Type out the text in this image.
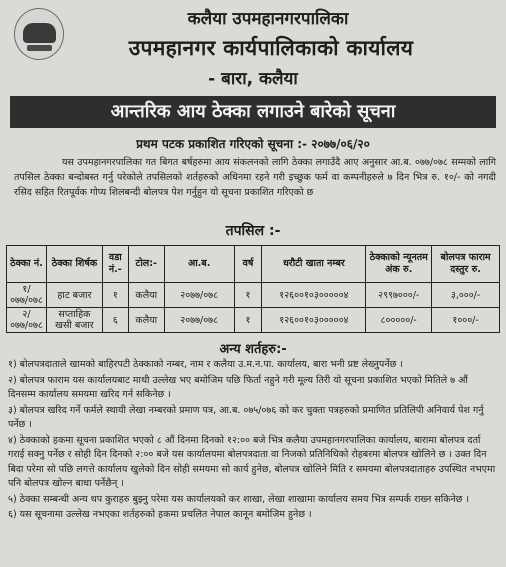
कलैया उपमहानगरपालिका
उपमहानगर कार्यपालिकाको कार्यालय
- बारा, कलैया
आन्तरिक आय ठेक्का लगाउने बारेको सूचना
प्रथम पटक प्रकाशित गरिएको सूचना :- २०७७/०६/२०
यस उपमहानगरपालिका गत बिगत बर्षहरुमा आय संकलनको लागि ठेक्का लगाउँदै आए अनुसार आ.ब. ०७७/०७८ सम्मको लागि तपसिल ठेक्का बन्दोबस्त गर्नु परेकोले तपसिलको शर्तहरुको अधिनमा रहने गरी इच्छुक फर्म वा कम्पनीहरुले ७ दिन भित्र रु. १०/- को नगदी रसिद सहित रितपूर्वक गोप्य शिलबन्दी बोलपत्र पेश गर्नुहुन यो सूचना प्रकाशित गरिएको छ
तपसिल :-
ठेक्का नं.	ठेक्का शिर्षक	वडा नं.-	टोल:-	आ.ब.	वर्ष	धरौटी खाता नम्बर	ठेक्काको न्यूनतम अंक रु.	बोलपत्र फाराम दस्तुर रु.
१/ ०७७/०७८	हाट बजार	१	कलैया	२०७७/०७८	१	१२६००१०३०००००४	२९९७०००/-	३,०००/-
२/ ०७७/०७८	सप्ताहिक खसी बजार	६	कलैया	२०७७/०७८	१	१२६००१०३०००००४	८०००००/-	१०००/-
अन्य शर्तहरु:-
१) बोलपत्रदाताले खामको बाहिरपटी ठेक्काको नम्बर, नाम र कलैया उ.म.न.पा. कार्यालय, बारा भनी प्रष्ट लेख्नुपर्नेछ ।
२) बोलपत्र फाराम यस कार्यालयबाट माथी उल्लेख भए बमोजिम पछि फिर्ता नहुने गरी मूल्य तिरी यो सूचना प्रकाशित भएको मितिले ७ औं दिनसम्म कार्यालय समयमा खरिद गर्न सकिनेछ ।
३) बोलपत्र खरिद गर्ने फर्मले स्थायी लेखा नम्बरको प्रमाण पत्र, आ.ब. ०७५/०७६ को कर चुक्ता पत्रहरुको प्रमाणित प्रतिलिपी अनिवार्य पेश गर्नु पर्नेछ ।
४) ठेक्काको हकमा सूचना प्रकाशित भएको ८ औं दिनमा दिनको १२:०० बजे भित्र कलैया उपमहानगरपालिका कार्यालय, बारामा बोलपत्र दर्ता गराई सक्नु पर्नेछ र सोही दिन दिनको २:०० बजे यस कार्यालयमा बोलपत्रदाता वा निजको प्रतिनिधिको रोहबरमा बोलपत्र खोलिने छ । उक्त दिन बिदा परेमा सो पछि लगत्ते कार्यालय खुलेको दिन सोही समयमा सो कार्य हुनेछ, बोलपत्र खोलिने मिति र समयमा बोलपत्रदाताहरु उपस्थित नभएमा पनि बोलपत्र खोल्न बाधा पर्नेछैन् ।
५) ठेक्का सम्बन्धी अन्य थप कुराहरु बुझ्नु परेमा यस कार्यालयको कर शाखा, लेखा शाखामा कार्यालय समय भित्र सम्पर्क राख्न सकिनेछ ।
६) यस सूचनामा उल्लेख नभएका शर्तहरुको हकमा प्रचलित नेपाल कानून बमोजिम हुनेछ ।
